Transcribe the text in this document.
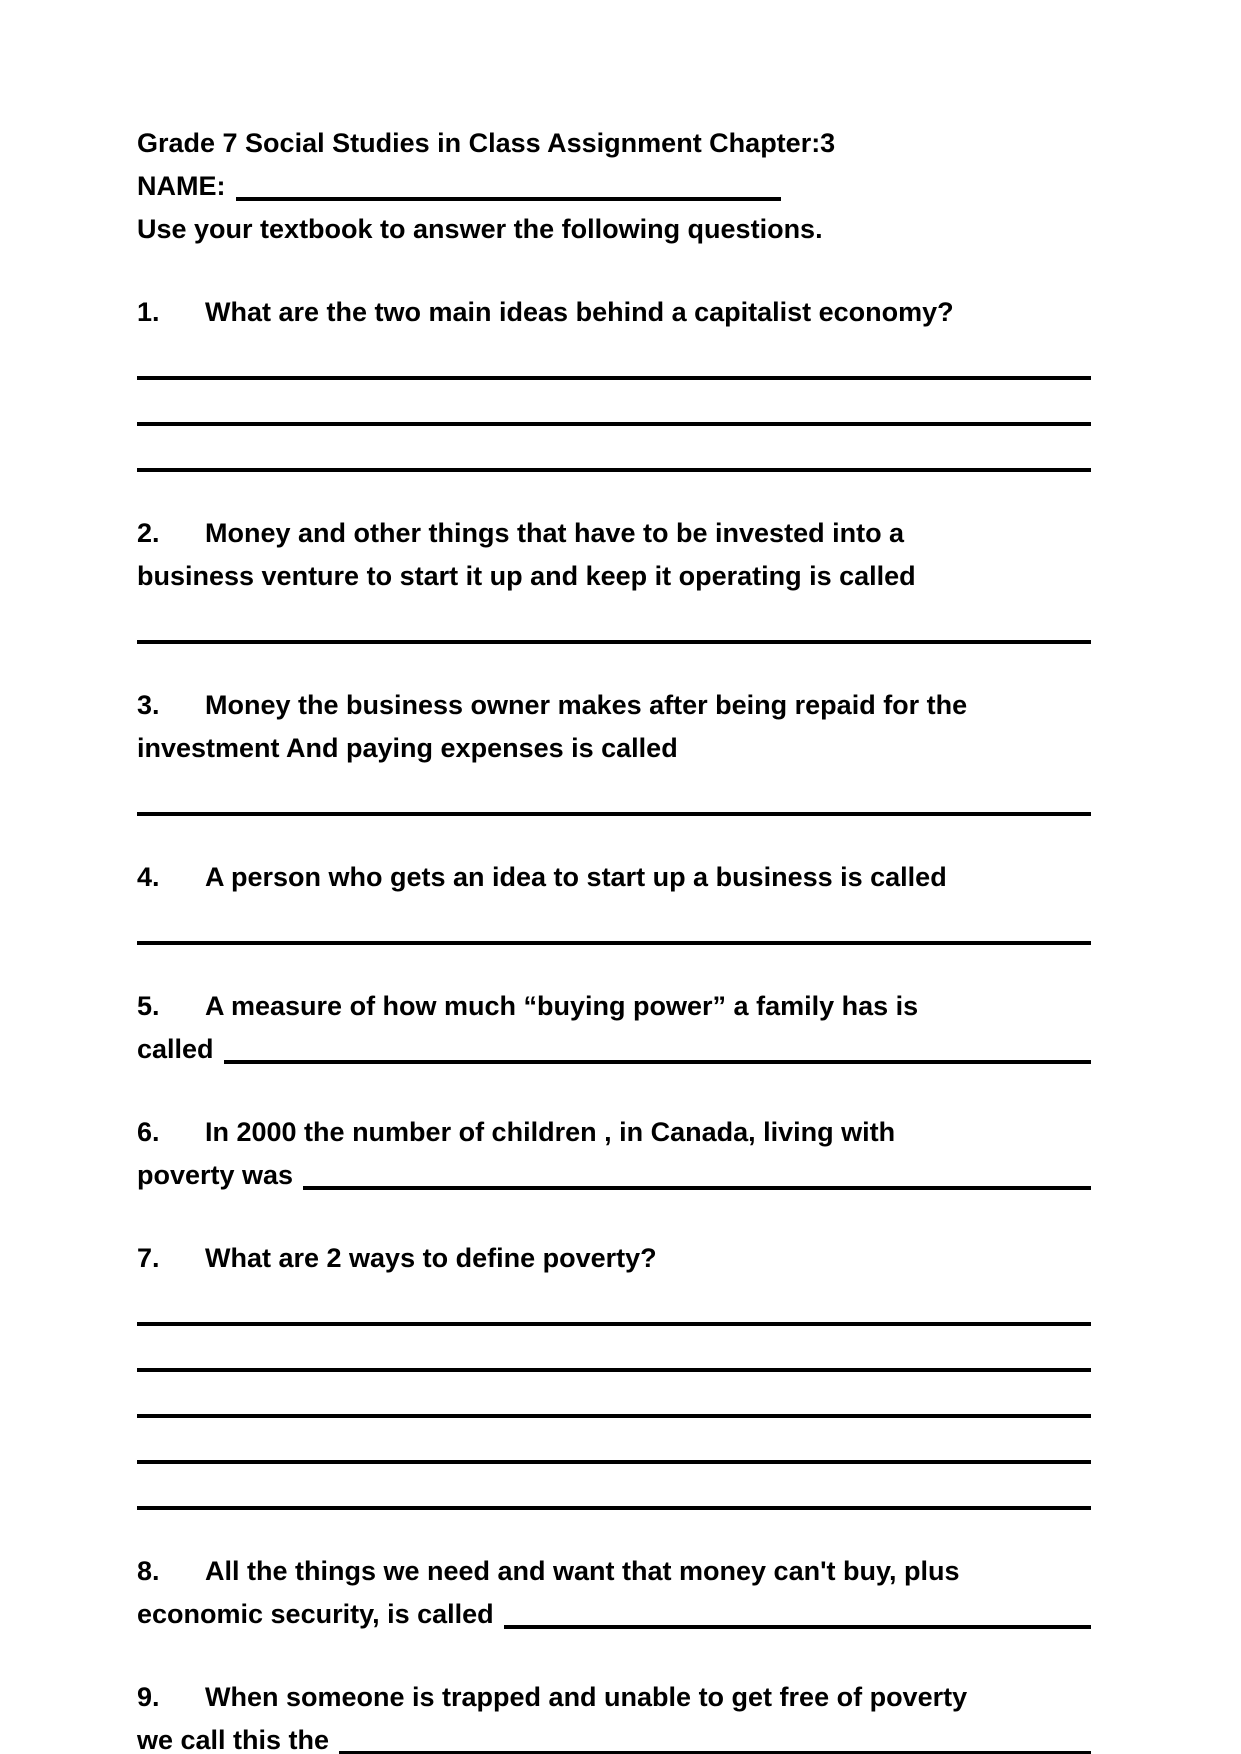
Grade 7 Social Studies in Class Assignment Chapter:3

NAME:

Use your textbook to answer the following questions.

1. What are the two main ideas behind a capitalist economy?

2. Money and other things that have to be invested into a

business venture to start it up and keep it operating is called

3. Money the business owner makes after being repaid for the

investment And paying expenses is called

4. A person who gets an idea to start up a business is called

5. A measure of how much “buying power” a family has is

called

6. In 2000 the number of children , in Canada, living with

poverty was

7. What are 2 ways to define poverty?

8. All the things we need and want that money can't buy, plus

economic security, is called

9. When someone is trapped and unable to get free of poverty

we call this the
